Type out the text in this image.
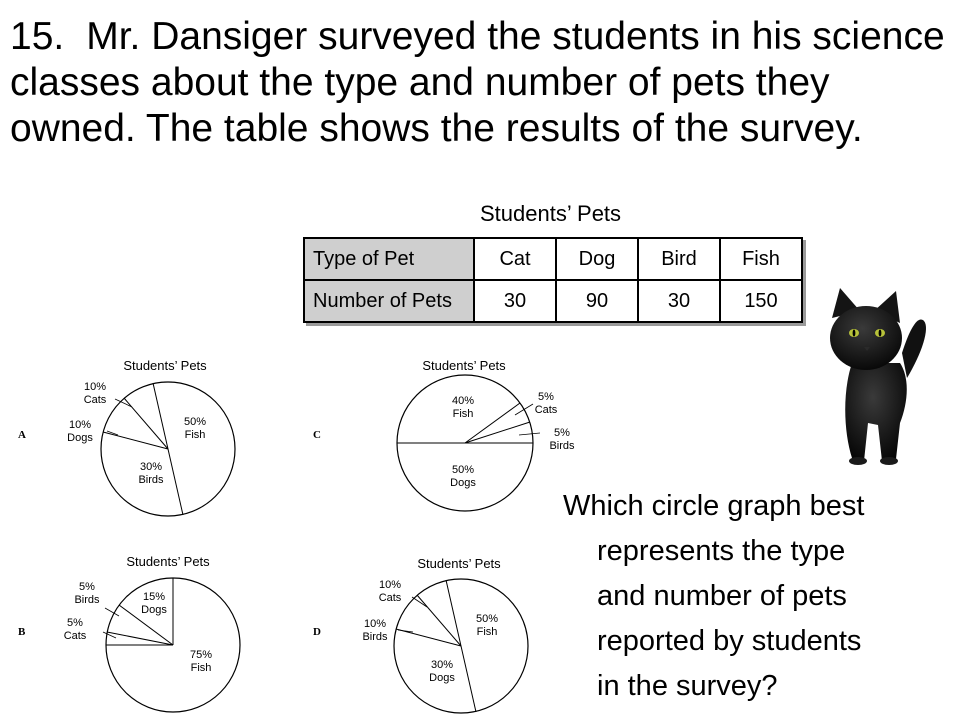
15. Mr. Dansiger surveyed the students in his science classes about the type and number of pets they owned. The table shows the results of the survey.

Students’ Pets
Type of Pet	Cat	Dog	Bird	Fish
Number of Pets	30	90	30	150
A
B
C
D
Students’ Pets
10%
Cats
10%
Dogs
50%
Fish
30%
Birds
Students’ Pets
5%
Birds	15%
Dogs
5%
Cats
75%
Fish
Students’ Pets
40%
Fish
5%
Cats
5%
Birds
50%
Dogs
Students’ Pets
10%
Cats
10%
Birds
50%
Fish
30%
Dogs

Which circle graph best
represents the type
and number of pets
reported by students
in the survey?
